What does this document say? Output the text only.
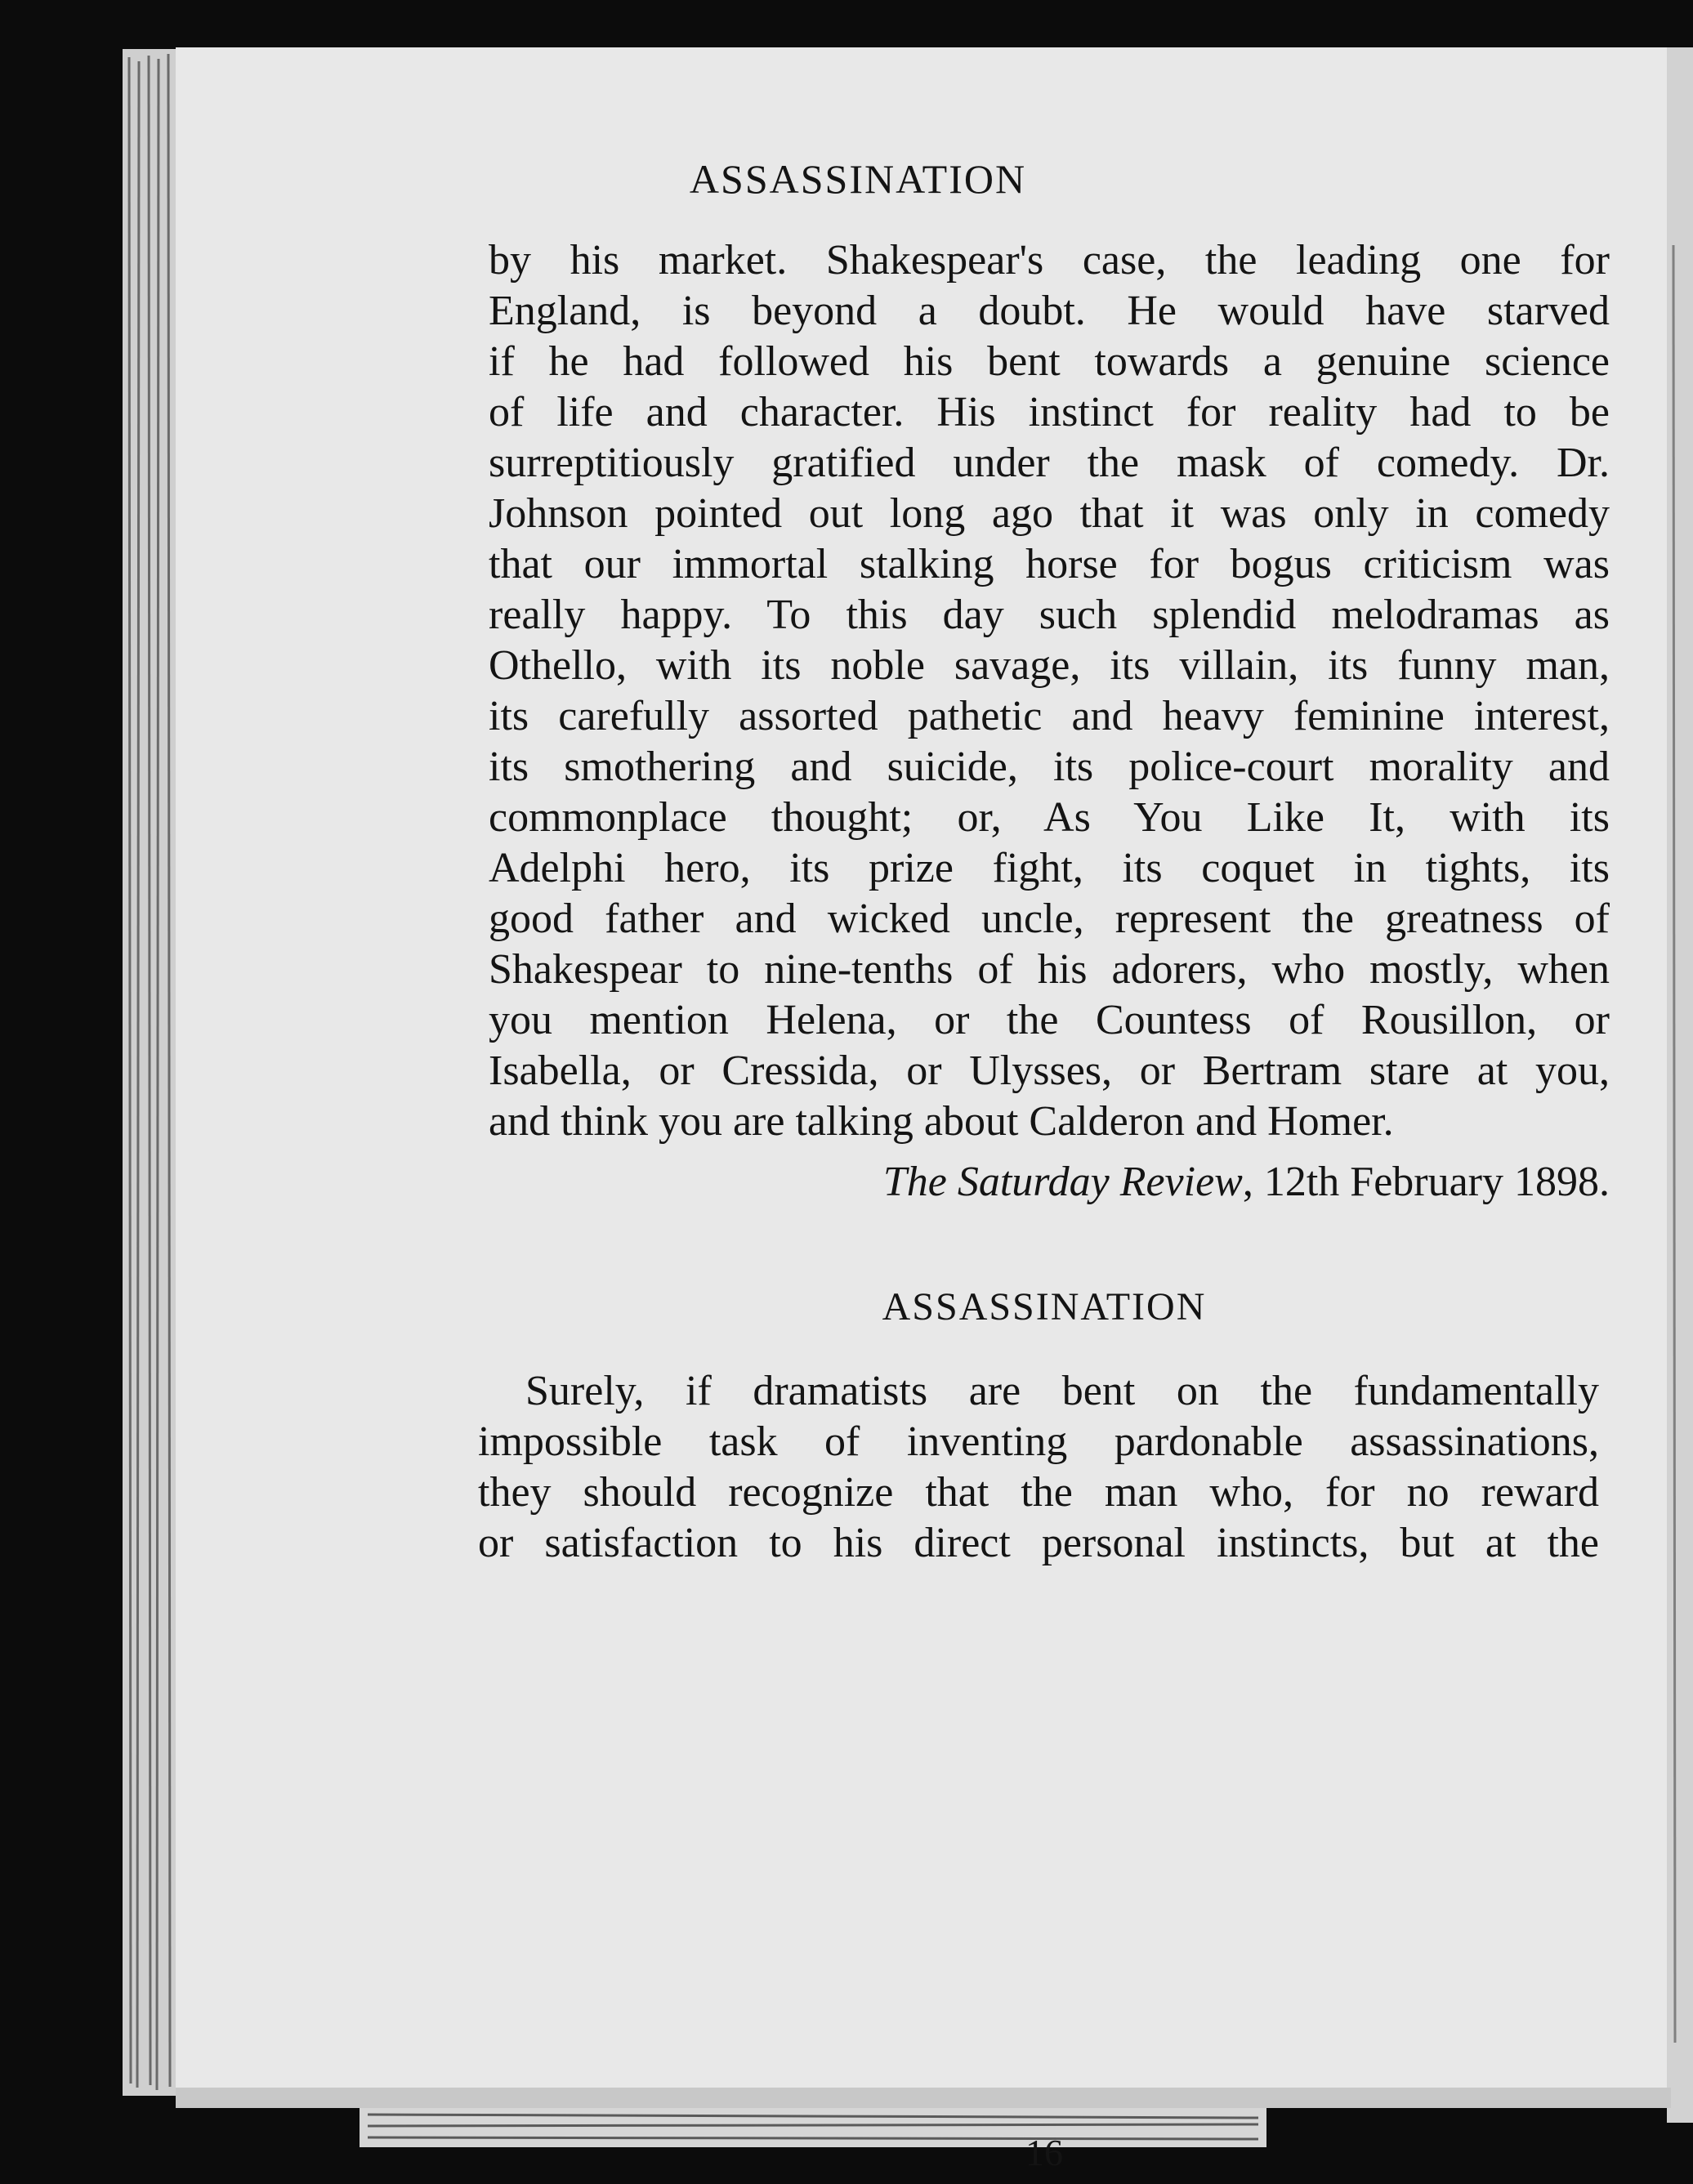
ASSASSINATION
by his market. Shakespear's case, the leading one for
England, is beyond a doubt. He would have starved
if he had followed his bent towards a genuine science
of life and character. His instinct for reality had to be
surreptitiously gratified under the mask of comedy. Dr.
Johnson pointed out long ago that it was only in comedy
that our immortal stalking horse for bogus criticism was
really happy. To this day such splendid melodramas as
Othello, with its noble savage, its villain, its funny man,
its carefully assorted pathetic and heavy feminine interest,
its smothering and suicide, its police-court morality and
commonplace thought; or, As You Like It, with its
Adelphi hero, its prize fight, its coquet in tights, its
good father and wicked uncle, represent the greatness of
Shakespear to nine-tenths of his adorers, who mostly, when
you mention Helena, or the Countess of Rousillon, or
Isabella, or Cressida, or Ulysses, or Bertram stare at you,
and think you are talking about Calderon and Homer.
The Saturday Review, 12th February 1898.
ASSASSINATION
Surely, if dramatists are bent on the fundamentally
impossible task of inventing pardonable assassinations,
they should recognize that the man who, for no reward
or satisfaction to his direct personal instincts, but at the
16
